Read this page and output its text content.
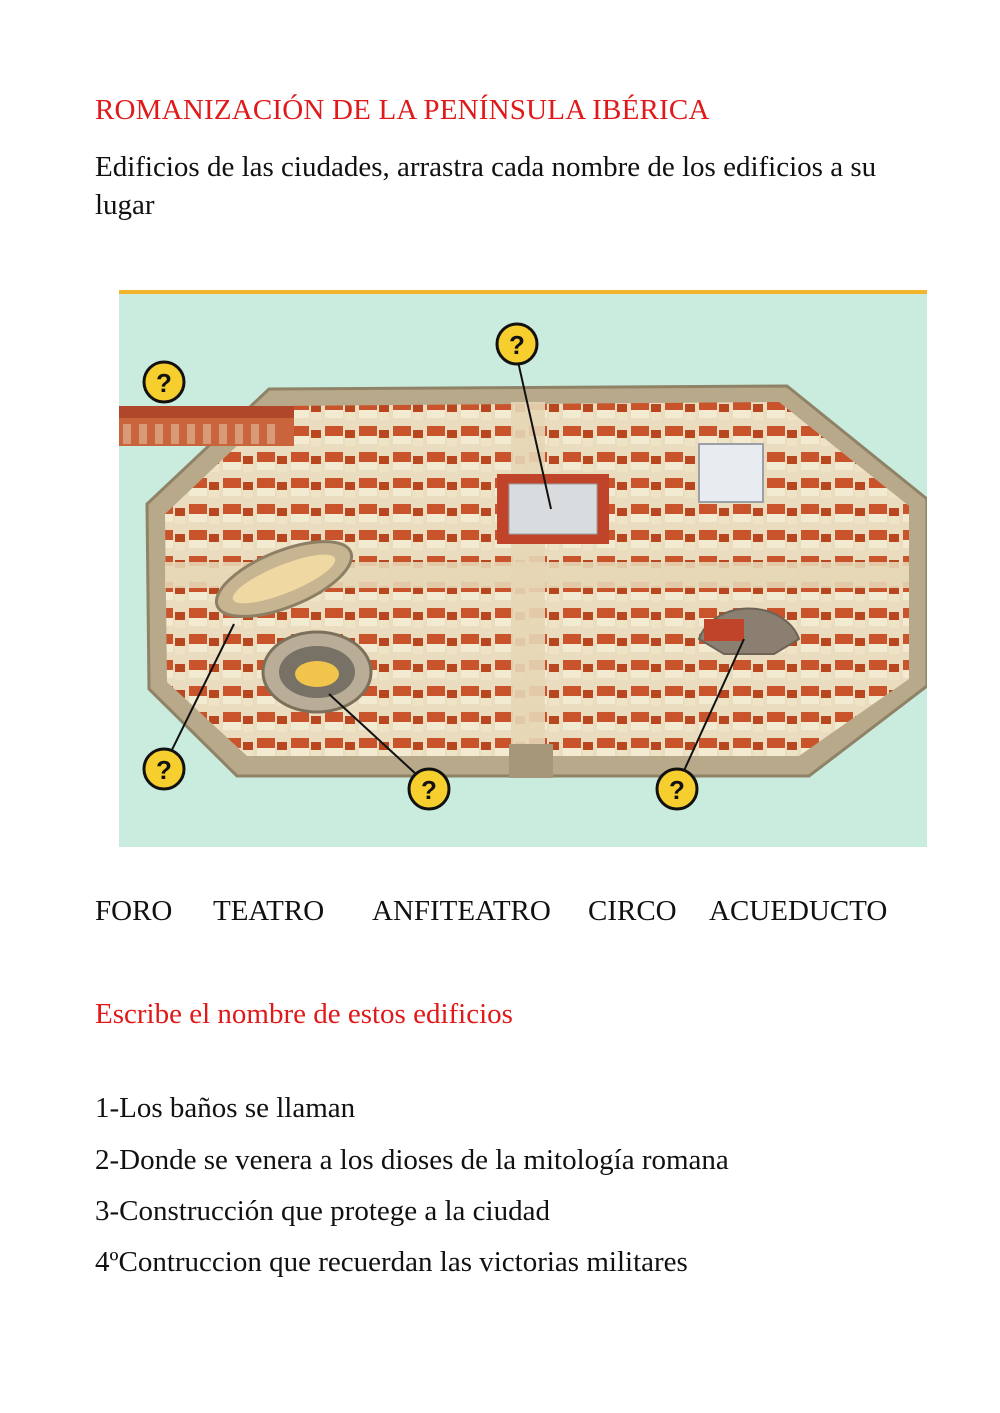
ROMANIZACIÓN DE LA PENÍNSULA IBÉRICA
Edificios de las ciudades, arrastra cada nombre de los edificios a su lugar
?
?
?
?	?
FORO TEATRO ANFITEATRO CIRCO ACUEDUCTO
Escribe el nombre de estos edificios
1-Los baños se llaman
2-Donde se venera a los dioses de la mitología romana
3-Construcción que protege a la ciudad
4ºContruccion que recuerdan las victorias militares
